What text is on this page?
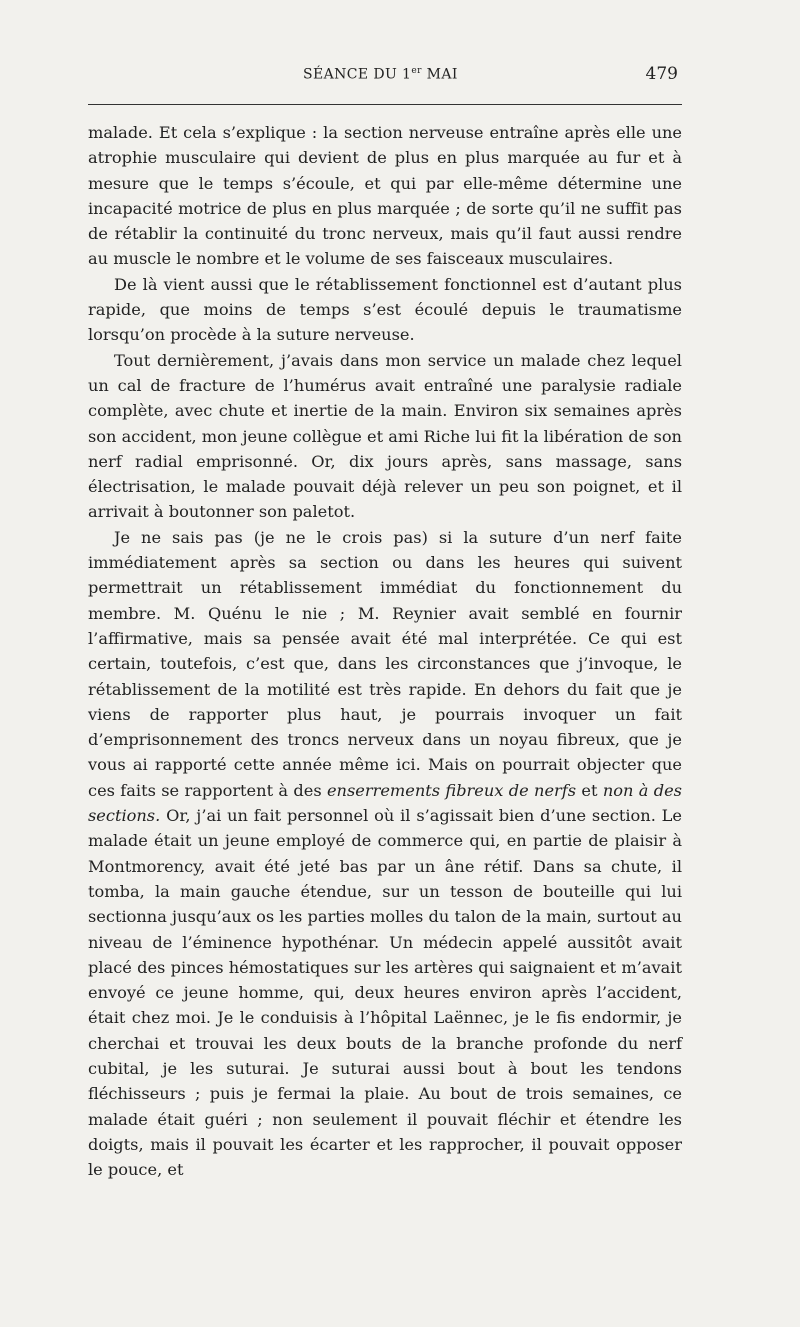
SÉANCE DU 1er MAI	479

malade. Et cela s’explique : la section nerveuse entraîne après elle une atrophie musculaire qui devient de plus en plus marquée au fur et à mesure que le temps s’écoule, et qui par elle-même détermine une incapacité motrice de plus en plus marquée ; de sorte qu’il ne suffit pas de rétablir la continuité du tronc nerveux, mais qu’il faut aussi rendre au muscle le nombre et le volume de ses faisceaux musculaires.

De là vient aussi que le rétablissement fonctionnel est d’autant plus rapide, que moins de temps s’est écoulé depuis le traumatisme lorsqu’on procède à la suture nerveuse.

Tout dernièrement, j’avais dans mon service un malade chez lequel un cal de fracture de l’humérus avait entraîné une paralysie radiale complète, avec chute et inertie de la main. Environ six semaines après son accident, mon jeune collègue et ami Riche lui fit la libération de son nerf radial emprisonné. Or, dix jours après, sans massage, sans électrisation, le malade pouvait déjà relever un peu son poignet, et il arrivait à boutonner son paletot.

Je ne sais pas (je ne le crois pas) si la suture d’un nerf faite immédiatement après sa section ou dans les heures qui suivent permettrait un rétablissement immédiat du fonctionnement du membre. M. Quénu le nie ; M. Reynier avait semblé en fournir l’affirmative, mais sa pensée avait été mal interprétée. Ce qui est certain, toutefois, c’est que, dans les circonstances que j’invoque, le rétablissement de la motilité est très rapide. En dehors du fait que je viens de rapporter plus haut, je pourrais invoquer un fait d’emprisonnement des troncs nerveux dans un noyau fibreux, que je vous ai rapporté cette année même ici. Mais on pourrait objecter que ces faits se rapportent à des enserrements fibreux de nerfs et non à des sections. Or, j’ai un fait personnel où il s’agissait bien d’une section. Le malade était un jeune employé de commerce qui, en partie de plaisir à Montmorency, avait été jeté bas par un âne rétif. Dans sa chute, il tomba, la main gauche étendue, sur un tesson de bouteille qui lui sectionna jusqu’aux os les parties molles du talon de la main, surtout au niveau de l’éminence hypothénar. Un médecin appelé aussitôt avait placé des pinces hémostatiques sur les artères qui saignaient et m’avait envoyé ce jeune homme, qui, deux heures environ après l’accident, était chez moi. Je le conduisis à l’hôpital Laënnec, je le fis endormir, je cherchai et trouvai les deux bouts de la branche profonde du nerf cubital, je les suturai. Je suturai aussi bout à bout les tendons fléchisseurs ; puis je fermai la plaie. Au bout de trois semaines, ce malade était guéri ; non seulement il pouvait fléchir et étendre les doigts, mais il pouvait les écarter et les rapprocher, il pouvait opposer le pouce, et
